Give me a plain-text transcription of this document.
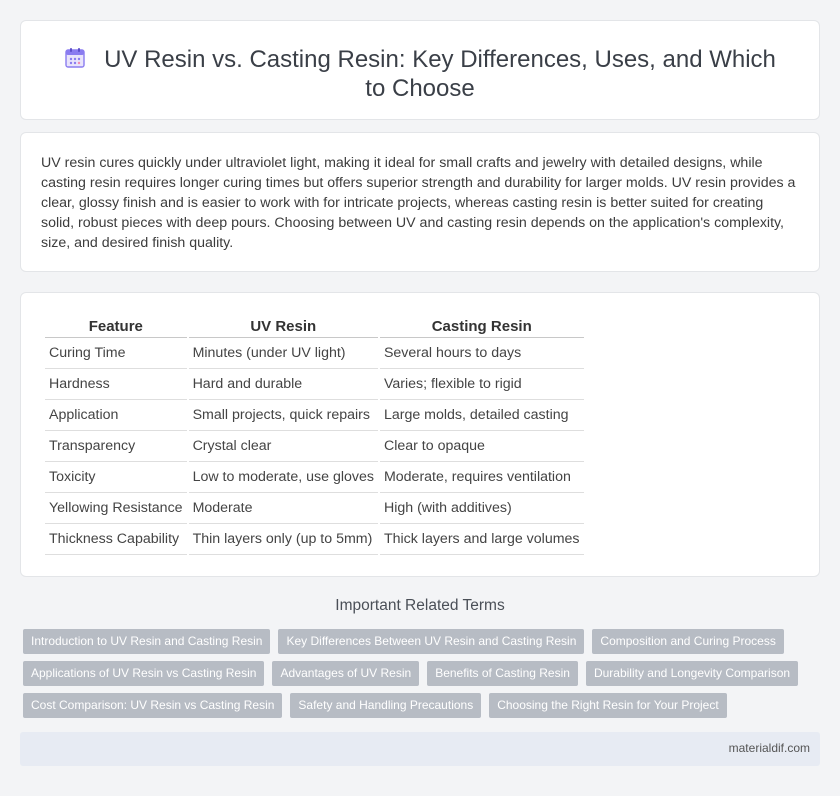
UV Resin vs. Casting Resin: Key Differences, Uses, and Which to Choose

UV resin cures quickly under ultraviolet light, making it ideal for small crafts and jewelry with detailed designs, while casting resin requires longer curing times but offers superior strength and durability for larger molds. UV resin provides a clear, glossy finish and is easier to work with for intricate projects, whereas casting resin is better suited for creating solid, robust pieces with deep pours. Choosing between UV and casting resin depends on the application's complexity, size, and desired finish quality.

Feature	UV Resin	Casting Resin
Curing Time	Minutes (under UV light)	Several hours to days
Hardness	Hard and durable	Varies; flexible to rigid
Application	Small projects, quick repairs	Large molds, detailed casting
Transparency	Crystal clear	Clear to opaque
Toxicity	Low to moderate, use gloves	Moderate, requires ventilation
Yellowing Resistance	Moderate	High (with additives)
Thickness Capability	Thin layers only (up to 5mm)	Thick layers and large volumes
Important Related Terms
Introduction to UV Resin and Casting Resin	Key Differences Between UV Resin and Casting Resin	Composition and Curing Process
Applications of UV Resin vs Casting Resin	Advantages of UV Resin	Benefits of Casting Resin	Durability and Longevity Comparison
Cost Comparison: UV Resin vs Casting Resin	Safety and Handling Precautions	Choosing the Right Resin for Your Project
materialdif.com
